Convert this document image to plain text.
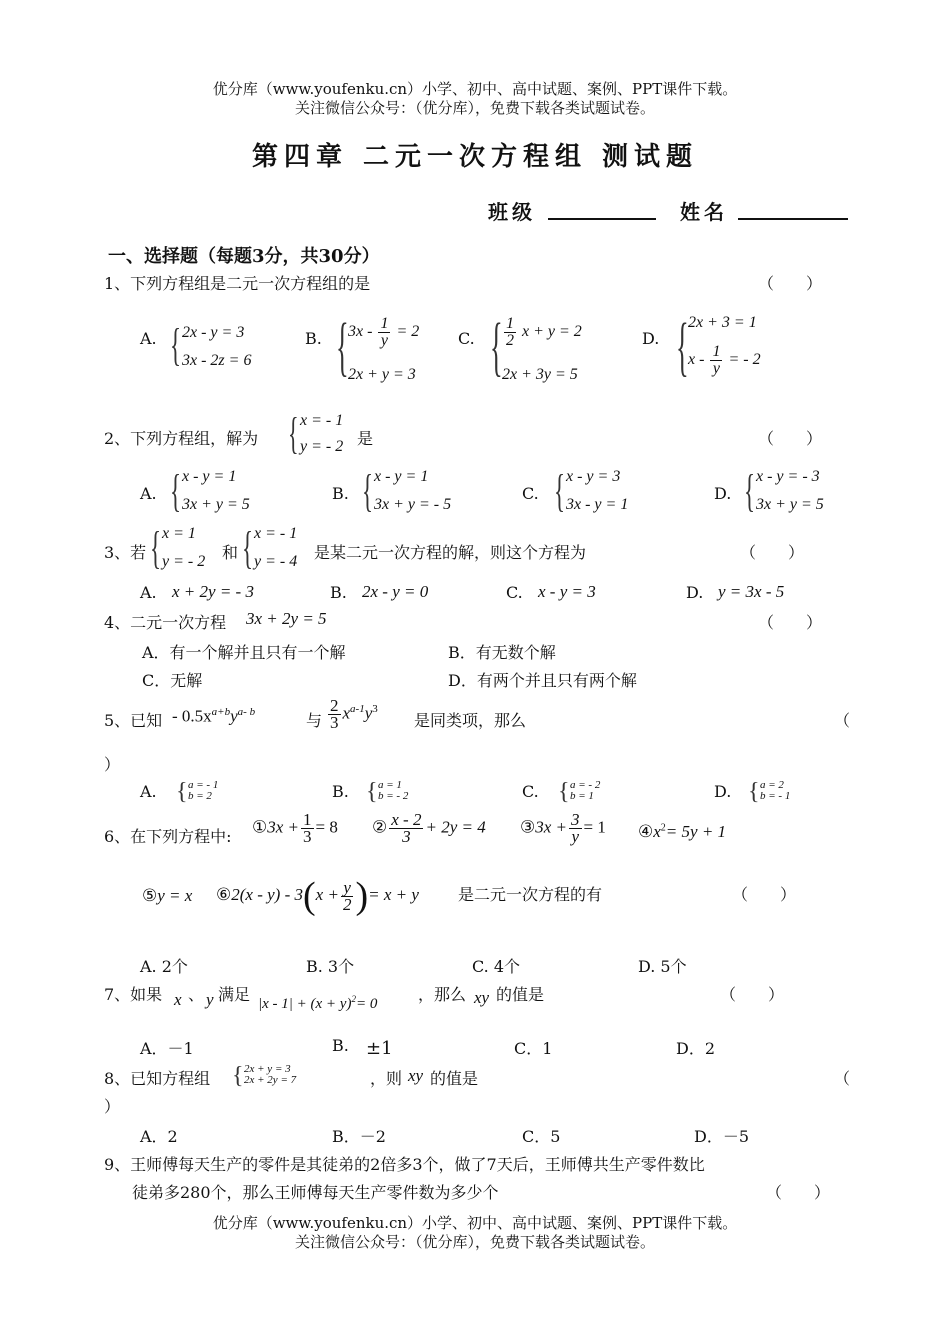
优分库（www.youfenku.cn）小学、初中、高中试题、案例、PPT课件下载。
关注微信公众号：（优分库），免费下载各类试题试卷。
第四章 二元一次方程组 测试题
班级	姓名
一、选择题（每题3分，共30分）
1、下列方程组是二元一次方程组的是	（　　）
A. { 2x - y = 3
3x - 2z = 6
B. { $3x - \frac{1}{y} = 2$
2x + y = 3
C. { $\frac{1}{2}$ x + y = 2
2x + 3y = 5
D. { 2x + 3 = 1
x - $\frac{1}{y}$ = - 2
2、下列方程组，解为 { x = - 1
y = - 2 是	（　　）
A. { x - y = 1
3x + y = 5
B. { x - y = 1
3x + y = - 5
C. { x - y = 3
3x - y = 1
D. { x - y = - 3
3x + y = 5
3、若 { x = 1
y = - 2 和 { x = - 1
y = - 4 是某二元一次方程的解，则这个方程为	（　　）
A. x + 2y = - 3	B. 2x - y = 0	C. x - y = 3	D. y = 3x - 5
4、二元一次方程 3x + 2y = 5	（　　）
A．有一个解并且只有一个解	B．有无数个解
C．无解	D．有两个并且只有两个解
5、已知 - $0.5x^{a+b}y^{a- b}$	与 $\frac{2}{3} x^{a-1}y^3$
是同类项，那么	（
）
A. { a = - 1
b = 2	B. { a = 1
b = - 2	C. { a = - 2
b = 1	D. { a = 2
b = - 1
6、在下列方程中:
①3x + $\frac{1}{3} = 8$ ② $\frac{x - 2}{3} + 2y = 4$ ③3x + $\frac{3}{y} = 1$ $④x^2= 5y + 1$
⑤y = x ⑥2(x - $y) - 3(x + \frac{y}{2}$ )= x + y 是二元一次方程的有	（　　）
A. 2个	B. 3个	C. 4个	D. 5个
7、如果 x 、 y 满足 $|x - 1| + (x + y)^2= 0$	，那么 xy 的值是	（　　）
A．－1	B. ±1	C．1	D．2
8、已知方程组 { 2x + y = 3
2x + 2y = 7	，则 xy 的值是	（
）
A．2	B．－2	C．5	D．－5
9、王师傅每天生产的零件是其徒弟的2倍多3个，做了7天后，王师傅共生产零件数比
徒弟多280个，那么王师傅每天生产零件数为多少个	（　　）
优分库（www.youfenku.cn）小学、初中、高中试题、案例、PPT课件下载。
关注微信公众号：（优分库），免费下载各类试题试卷。
